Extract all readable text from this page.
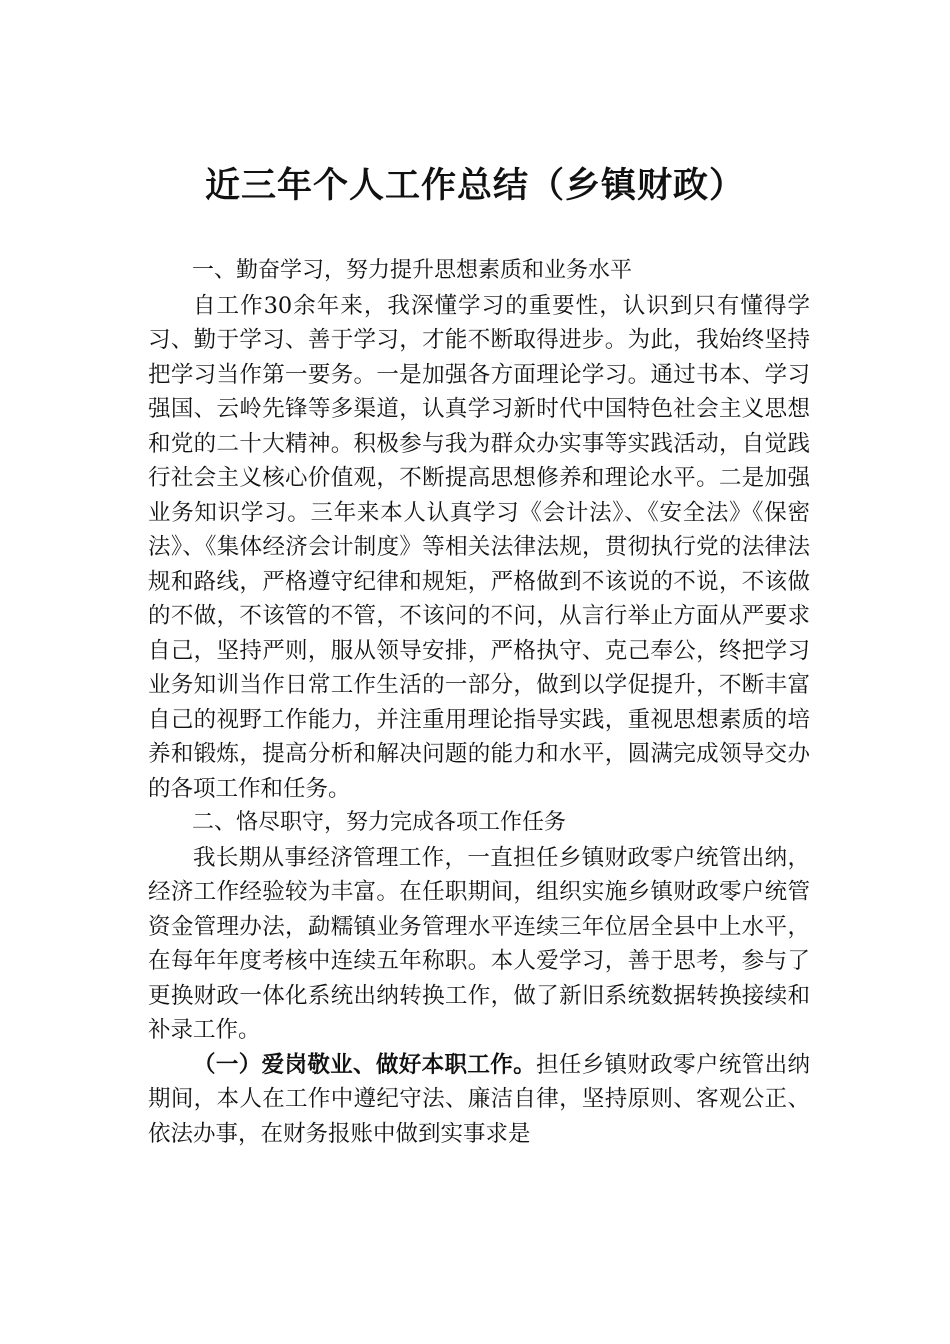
近三年个人工作总结（乡镇财政）
一、勤奋学习，努力提升思想素质和业务水平

自工作30余年来，我深懂学习的重要性，认识到只有懂得学习、勤于学习、善于学习，才能不断取得进步。为此，我始终坚持把学习当作第一要务。一是加强各方面理论学习。通过书本、学习强国、云岭先锋等多渠道，认真学习新时代中国特色社会主义思想和党的二十大精神。积极参与我为群众办实事等实践活动，自觉践行社会主义核心价值观，不断提高思想修养和理论水平。二是加强业务知识学习。三年来本人认真学习《会计法》、《安全法》《保密法》、《集体经济会计制度》等相关法律法规，贯彻执行党的法律法规和路线，严格遵守纪律和规矩，严格做到不该说的不说，不该做的不做，不该管的不管，不该问的不问，从言行举止方面从严要求自己，坚持严则，服从领导安排，严格执守、克己奉公，终把学习业务知训当作日常工作生活的一部分，做到以学促提升，不断丰富自己的视野工作能力，并注重用理论指导实践，重视思想素质的培养和锻炼，提高分析和解决问题的能力和水平，圆满完成领导交办的各项工作和任务。

二、恪尽职守，努力完成各项工作任务

我长期从事经济管理工作，一直担任乡镇财政零户统管出纳，经济工作经验较为丰富。在任职期间，组织实施乡镇财政零户统管资金管理办法，勐糯镇业务管理水平连续三年位居全县中上水平，在每年年度考核中连续五年称职。本人爱学习，善于思考，参与了更换财政一体化系统出纳转换工作，做了新旧系统数据转换接续和补录工作。

（一）爱岗敬业、做好本职工作。担任乡镇财政零户统管出纳期间，本人在工作中遵纪守法、廉洁自律，坚持原则、客观公正、依法办事，在财务报账中做到实事求是
